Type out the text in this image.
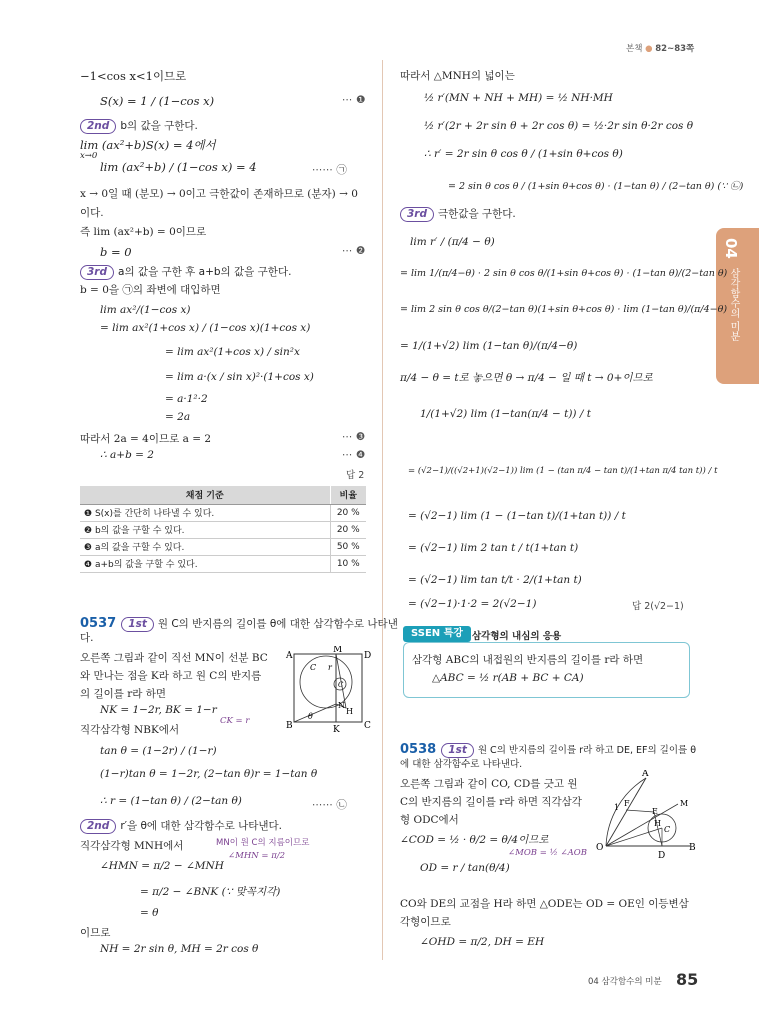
본책 ● 82~83쪽
04
삼각함수의 미분
−1<cos x<1이므로
S(x) = 1 / (1−cos x)	⋯ ❶
2nd b의 값을 구한다.
lim (ax²+b)S(x) = 4에서
x→0
lim (ax²+b) / (1−cos x) = 4	⋯⋯ ㉠
x → 0일 때 (분모) → 0이고 극한값이 존재하므로 (분자) → 0
이다.
즉 lim (ax²+b) = 0이므로
b = 0	⋯ ❷
3rd a의 값을 구한 후 a+b의 값을 구한다.
b = 0을 ㉠의 좌변에 대입하면
lim ax²/(1−cos x)
= lim ax²(1+cos x) / (1−cos x)(1+cos x)
= lim ax²(1+cos x) / sin²x
= lim a·(x / sin x)²·(1+cos x)
= a·1²·2
= 2a
따라서 2a = 4이므로 a = 2	⋯ ❸
∴ a+b = 2	⋯ ❹
답 2
채점 기준	비율
❶ S(x)를 간단히 나타낼 수 있다.	20 %
❷ b의 값을 구할 수 있다.	20 %
❸ a의 값을 구할 수 있다.	50 %
❹ a+b의 값을 구할 수 있다.	10 %
0537 1st 원 C의 반지름의 길이를 θ에 대한 삼각함수로 나타낸
다.
오른쪽 그림과 같이 직선 MN이 선분 BC
와 만나는 점을 K라 하고 원 C의 반지름
의 길이를 r라 하면
NK = 1−2r, BK = 1−r
CK = r
직각삼각형 NBK에서
tan θ = (1−2r) / (1−r)
(1−r)tan θ = 1−2r, (2−tan θ)r = 1−tan θ
∴ r = (1−tan θ) / (2−tan θ)	⋯⋯ ㉡
2nd r′을 θ에 대한 삼각함수로 나타낸다.
직각삼각형 MNH에서	MN이 원 C의 지름이므로
∠MHN = π/2
∠HMN = π/2 − ∠MNH
= π/2 − ∠BNK (∵ 맞꼭지각)
= θ
이므로
NH = 2r sin θ, MH = 2r cos θ
A
M
D
C r
C
N
H
B
θ
K	C
따라서 △MNH의 넓이는
½ r′(MN + NH + MH) = ½ NH·MH
½ r′(2r + 2r sin θ + 2r cos θ) = ½·2r sin θ·2r cos θ
∴ r′ = 2r sin θ cos θ / (1+sin θ+cos θ)
= 2 sin θ cos θ / (1+sin θ+cos θ) · (1−tan θ) / (2−tan θ) (∵ ㉡)
3rd 극한값을 구한다.
lim r′ / (π/4 − θ)
= lim 1/(π/4−θ) · 2 sin θ cos θ/(1+sin θ+cos θ) · (1−tan θ)/(2−tan θ)
= lim 2 sin θ cos θ/(2−tan θ)(1+sin θ+cos θ) · lim (1−tan θ)/(π/4−θ)
= 1/(1+√2) lim (1−tan θ)/(π/4−θ)
π/4 − θ = t로 놓으면 θ → π/4 − 일 때 t → 0+이므로
1/(1+√2) lim (1−tan(π/4 − t)) / t
= (√2−1)/((√2+1)(√2−1)) lim (1 − (tan π/4 − tan t)/(1+tan π/4 tan t)) / t
= (√2−1) lim (1 − (1−tan t)/(1+tan t)) / t
= (√2−1) lim 2 tan t / t(1+tan t)
= (√2−1) lim tan t/t · 2/(1+tan t)
= (√2−1)·1·2 = 2(√2−1)	답 2(√2−1)
SSEN 특강 삼각형의 내심의 응용
삼각형 ABC의 내접원의 반지름의 길이를 r라 하면
△ABC = ½ r(AB + BC + CA)
0538 1st 원 C의 반지름의 길이를 r라 하고 DE, EF의 길이를 θ
에 대한 삼각함수로 나타낸다.
오른쪽 그림과 같이 CO, CD를 긋고 원
C의 반지름의 길이를 r라 하면 직각삼각
형 ODC에서
∠COD = ½ · θ/2 = θ/4이므로
∠MOB = ½ ∠AOB
OD = r / tan(θ/4)
CO와 DE의 교점을 H라 하면 △ODE는 OD = OE인 이등변삼
각형이므로
∠OHD = π/2, DH = EH
A
1 F
E
M
H
C
O
D
B
04 삼각함수의 미분 85
